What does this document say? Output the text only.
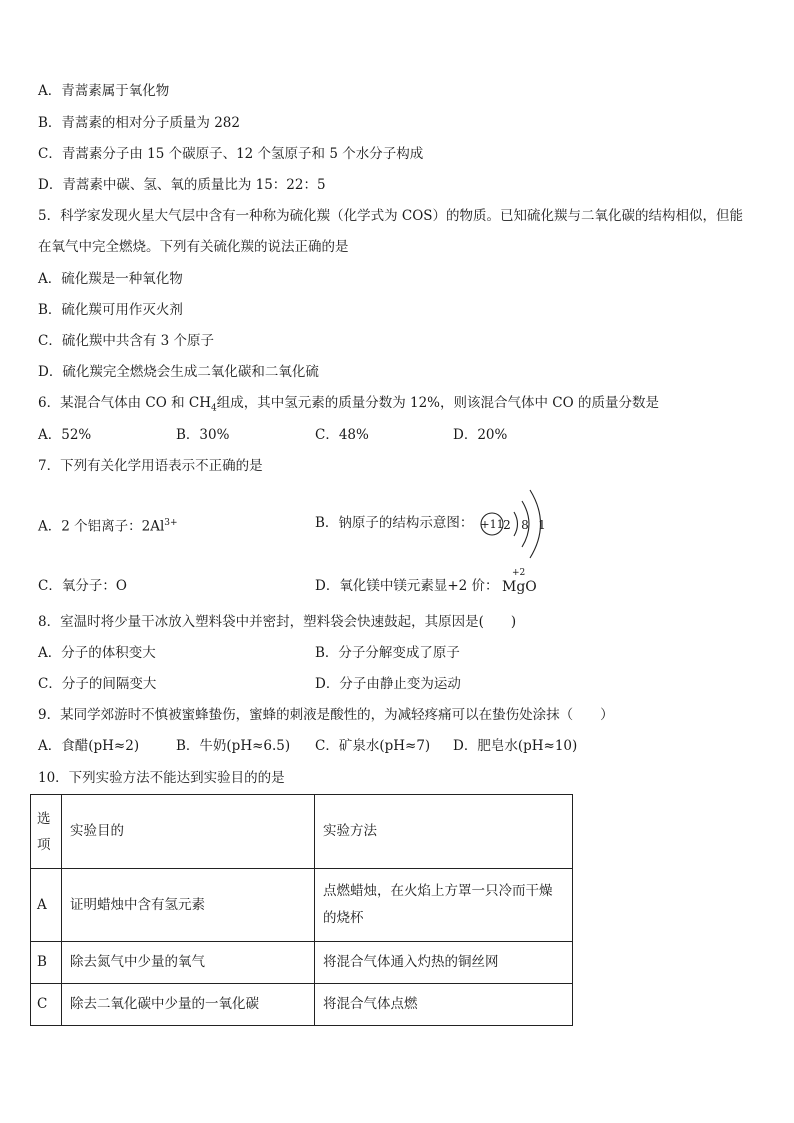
A．青蒿素属于氧化物
B．青蒿素的相对分子质量为 282
C．青蒿素分子由 15 个碳原子、12 个氢原子和 5 个水分子构成
D．青蒿素中碳、氢、氧的质量比为 15：22：5
5．科学家发现火星大气层中含有一种称为硫化羰（化学式为 COS）的物质。已知硫化羰与二氧化碳的结构相似，但能
在氧气中完全燃烧。下列有关硫化羰的说法正确的是
A．硫化羰是一种氧化物
B．硫化羰可用作灭火剂
C．硫化羰中共含有 3 个原子
D．硫化羰完全燃烧会生成二氧化碳和二氧化硫
6．某混合气体由 CO 和 $CH_4$组成，其中氢元素的质量分数为 12%，则该混合气体中 CO 的质量分数是
A．52%	B．30%	C．48%	D．20%
7．下列有关化学用语表示不正确的是
A．2 个铝离子：$2Al^{3+}$	B．钠原子的结构示意图： +11 2 8 1
C．氧分子：O	D．氧化镁中镁元素显+2 价：
+2
MgO
8．室温时将少量干冰放入塑料袋中并密封，塑料袋会快速鼓起，其原因是(　　)
A．分子的体积变大	B．分子分解变成了原子
C．分子的间隔变大	D．分子由静止变为运动
9．某同学郊游时不慎被蜜蜂蛰伤，蜜蜂的刺液是酸性的，为减轻疼痛可以在蛰伤处涂抹（　　）
A．食醋(pH≈2)	B．牛奶(pH≈6.5) C．矿泉水(pH≈7) D．肥皂水(pH≈10)
10．下列实验方法不能达到实验目的的是
选项	实验目的	实验方法
A	证明蜡烛中含有氢元素	点燃蜡烛，在火焰上方罩一只冷而干燥的烧杯
B	除去氮气中少量的氧气	将混合气体通入灼热的铜丝网
C	除去二氧化碳中少量的一氧化碳	将混合气体点燃
